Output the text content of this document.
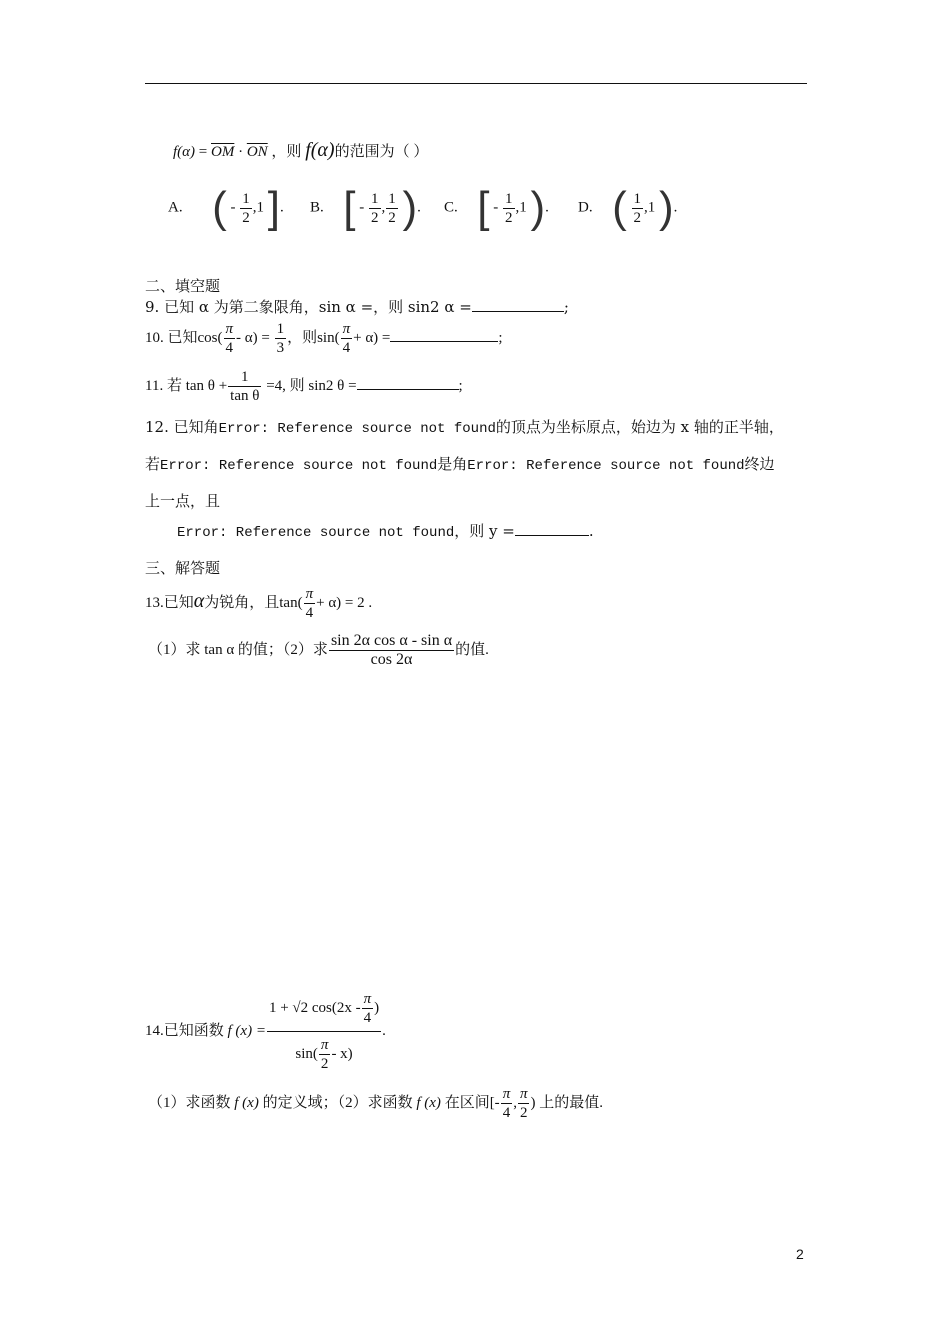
$f(\alpha) = \overline{OM} \cdot \overline{ON}$ ，则 f(α)的范围为（ ）
A. ( - $\frac{1}{2} ,1$ ]. B. [ - $\frac{1}{2}$ , $\frac{1}{2}$ ). C. [ - $\frac{1}{2} ,1$ ). D. ( $\frac{1}{2} ,1$ ).
二、填空题
9. 已知 α 为第二象限角，sin α =，则 sin2 α =	;
10. 已知$\cos( \frac{\pi}{4} - \alpha) = \frac{1}{3}$ ，则$\sin( \frac{\pi}{4} + \alpha)$ =	;
11. 若 $\tan \theta + \frac{1}{\text{tan θ}} =4$, 则 sin2 θ =	;
12. 已知角Error: Reference source not found的顶点为坐标原点，始边为 x 轴的正半轴，
若Error: Reference source not found是角Error: Reference source not found终边
上一点，且
Error: Reference source not found，则 y =	.
三、解答题
13.已知α为锐角，且$\tan( \frac{\pi}{4} + \alpha) = 2$ .
（1）求 tan α 的值；（2）求 $\frac{\text{sin 2α cos α - sin α}}{\cos 2\alpha}$ 的值.
14.已知函数 f $(x) = \frac{1 + √2 \cos(2x - \frac{\pi}{4} )}{\sin( \frac{\pi}{2} - x)}$ .
（1）求函数 f (x) 的定义域；（2）求函数 f (x) 在区间[- $\frac{\pi}{4}$ , $\frac{\pi}{2}$ ) 上的最值.
2
